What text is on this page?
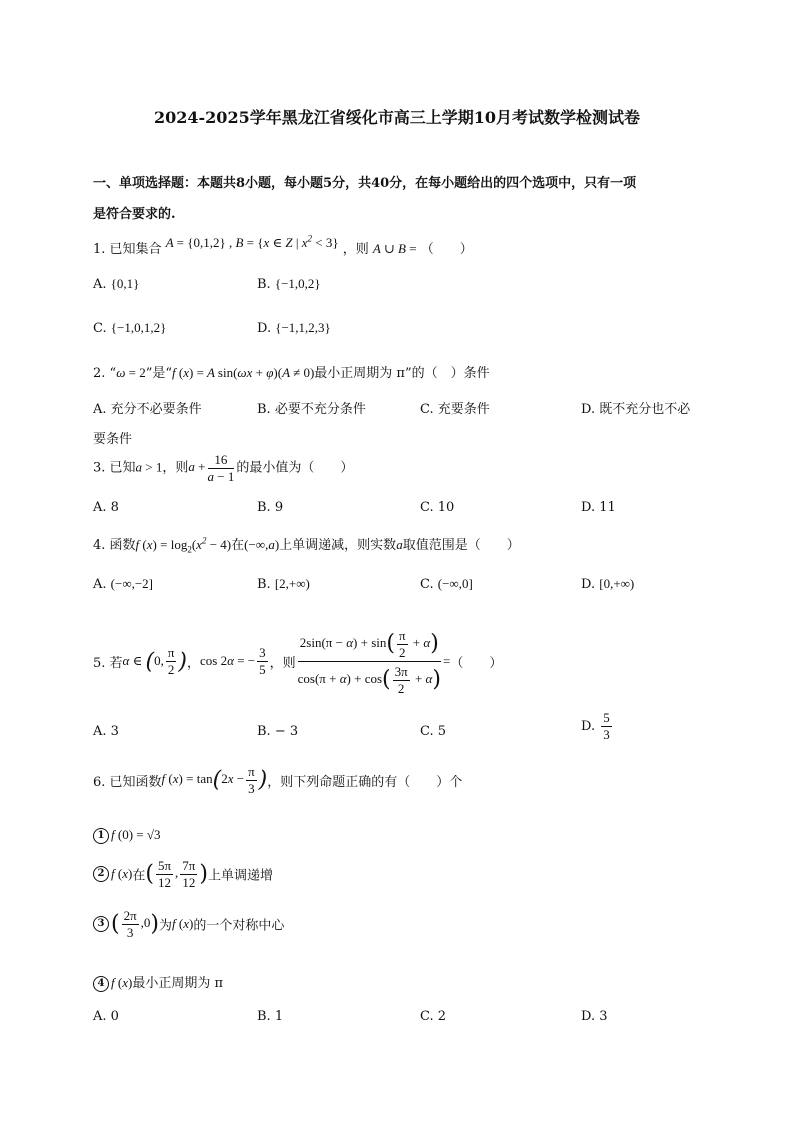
2024-2025学年黑龙江省绥化市高三上学期10月考试数学检测试卷
一、单项选择题：本题共8小题，每小题5分，共40分，在每小题给出的四个选项中，只有一项
是符合要求的.
1. 已知集合 A = {0,1,2} , B = {x ∈ Z | $x^2 < 3$} ，则 A ∪ B = （　　）
A. {0,1}	B. {−1,0,2}
C. {−1,0,1,2}	D. {−1,1,2,3}
2. “ω = 2”是“f (x) = A sin(ωx + φ)(A ≠ 0)最小正周期为 π”的（　）条件
A. 充分不必要条件	B. 必要不充分条件	C. 充要条件	D. 既不充分也不必
要条件
3. 已知a > 1，则$a + \frac{16}{a - 1}$ 的最小值为（　　）
A. 8	B. 9	C. 10	D. 11
4. 函数f $(x) = \log_2(x^2 - 4)$在(−∞,a)上单调递减，则实数a取值范围是（　　）
A. (−∞,−2]	B. [2,+∞)	C. (−∞,0]	D. [0,+∞)
5. 若α ∈ (0, $\frac{\pi}{2}$ )，cos 2α = − $\frac{3}{5}$ ，则 $\frac{2\sin(\pi - \alpha) + \sin( \frac{\pi}{2} + \alpha)}{\cos(\pi + \alpha) + \cos( \frac{3\pi}{2} + \alpha)}$ =（　　）
A. 3	B. − 3	C. 5	D. $\frac{5}{3}$
6. 已知函数f $(x) = \tan(2x - \frac{\pi}{3}$ )，则下列命题正确的有（　　）个
1 f (0) = √3
2 f (x)在( $\frac{5\pi}{12}$ , $\frac{7\pi}{12}$ )上单调递增
3 ( $\frac{2\pi}{3} ,0$)为f (x)的一个对称中心
4 f (x)最小正周期为 π
A. 0	B. 1	C. 2	D. 3
